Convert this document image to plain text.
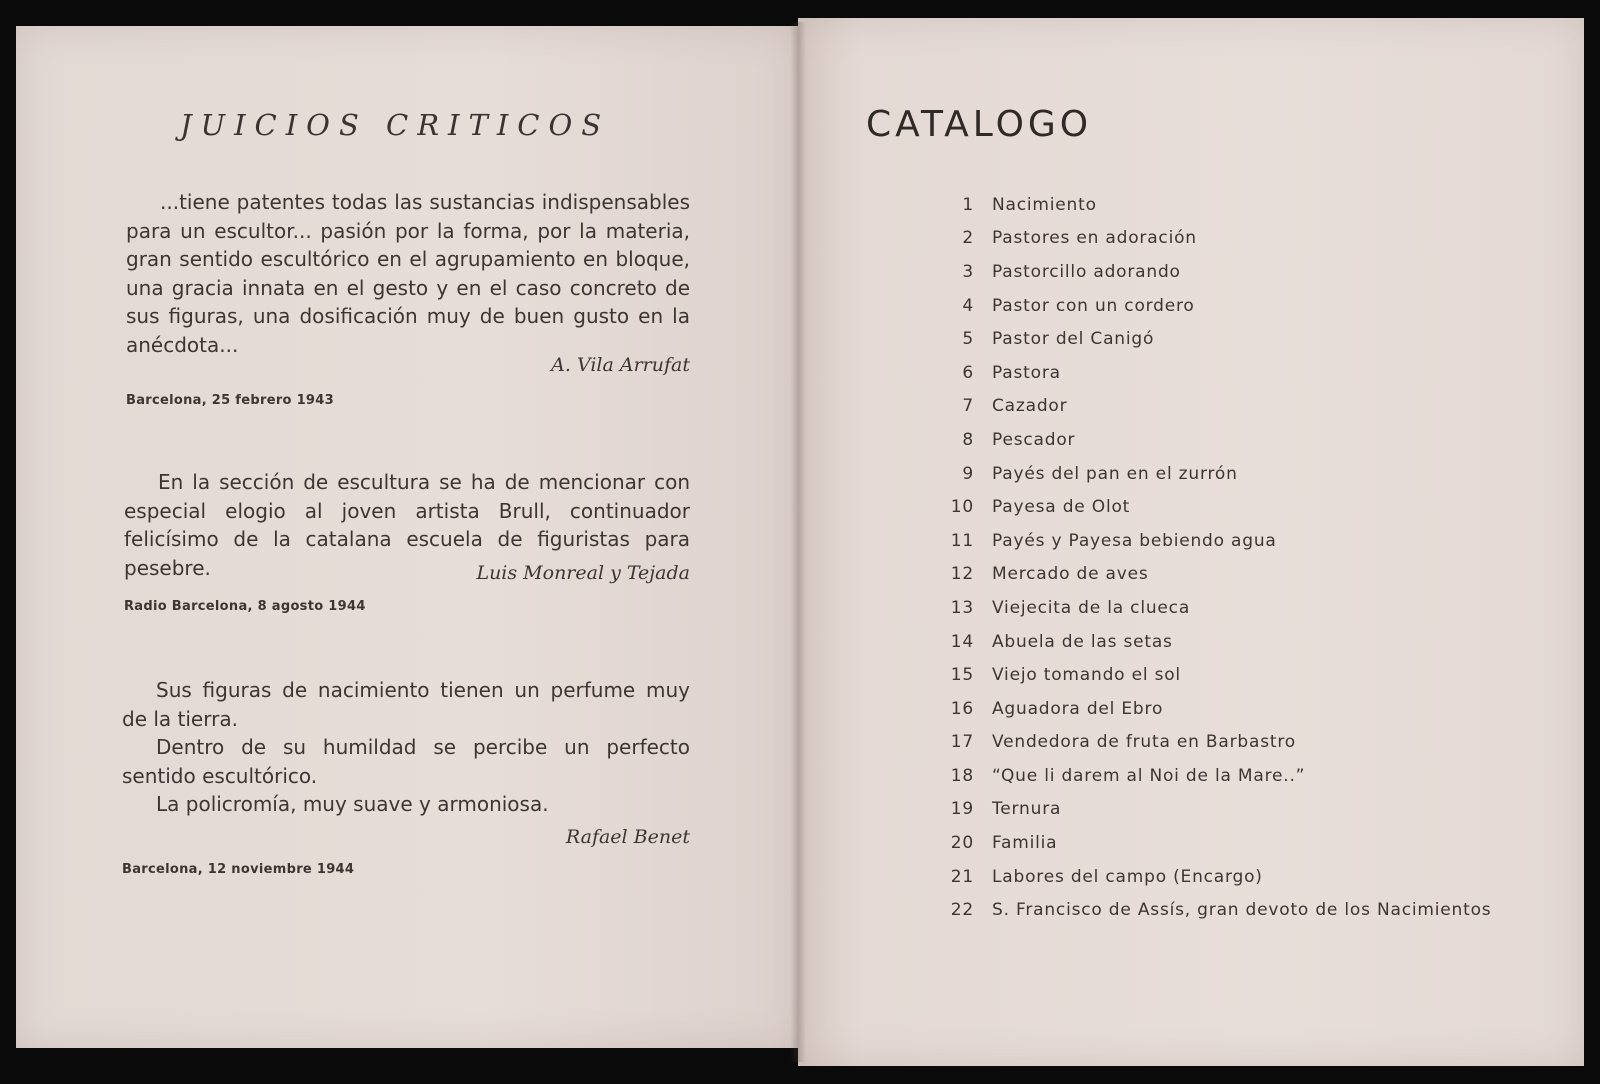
JUICIOS CRITICOS

...tiene patentes todas las sustancias indispensables para un escultor... pasión por la forma, por la materia, gran sentido escultórico en el agrupamiento en bloque, una gracia innata en el gesto y en el caso concreto de sus figuras, una dosificación muy de buen gusto en la anécdota...

A. Vila Arrufat
Barcelona, 25 febrero 1943

En la sección de escultura se ha de mencionar con especial elogio al joven artista Brull, continuador felicísimo de la catalana escuela de figuristas para pesebre.	Luis Monreal y Tejada
Radio Barcelona, 8 agosto 1944

Sus figuras de nacimiento tienen un perfume muy de la tierra.

Dentro de su humildad se percibe un perfecto sentido escultórico.

La policromía, muy suave y armoniosa.

Rafael Benet
Barcelona, 12 noviembre 1944
CATALOGO
1 Nacimiento
2 Pastores en adoración
3 Pastorcillo adorando
4 Pastor con un cordero
5 Pastor del Canigó
6 Pastora
7 Cazador
8 Pescador
9 Payés del pan en el zurrón
10 Payesa de Olot
11 Payés y Payesa bebiendo agua
12 Mercado de aves
13 Viejecita de la clueca
14 Abuela de las setas
15 Viejo tomando el sol
16 Aguadora del Ebro
17 Vendedora de fruta en Barbastro
18 “Que li darem al Noi de la Mare..”
19 Ternura
20 Familia
21 Labores del campo (Encargo)
22 S. Francisco de Assís, gran devoto de los Nacimientos
